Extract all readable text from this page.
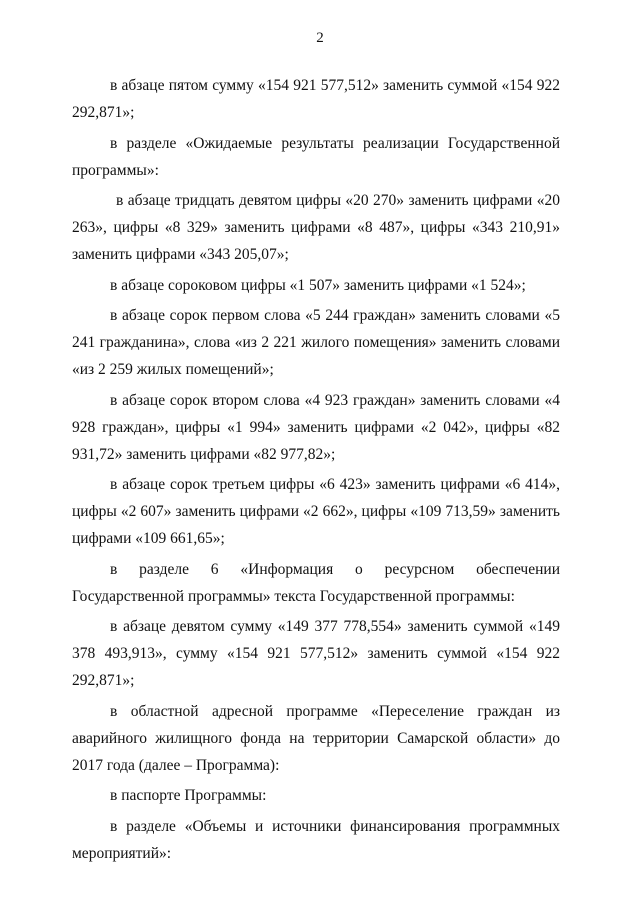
2

в абзаце пятом сумму «154 921 577,512» заменить суммой «154 922 292,871»;

в разделе «Ожидаемые результаты реализации Государственной программы»:

в абзаце тридцать девятом цифры «20 270» заменить цифрами «20 263», цифры «8 329» заменить цифрами «8 487», цифры «343 210,91» заменить цифрами «343 205,07»;

в абзаце сороковом цифры «1 507» заменить цифрами «1 524»;

в абзаце сорок первом слова «5 244 граждан» заменить словами «5 241 гражданина», слова «из 2 221 жилого помещения» заменить словами «из 2 259 жилых помещений»;

в абзаце сорок втором слова «4 923 граждан» заменить словами «4 928 граждан», цифры «1 994» заменить цифрами «2 042», цифры «82 931,72» заменить цифрами «82 977,82»;

в абзаце сорок третьем цифры «6 423» заменить цифрами «6 414», цифры «2 607» заменить цифрами «2 662», цифры «109 713,59» заменить цифрами «109 661,65»;

в разделе 6 «Информация о ресурсном обеспечении Государственной программы» текста Государственной программы:

в абзаце девятом сумму «149 377 778,554» заменить суммой «149 378 493,913», сумму «154 921 577,512» заменить суммой «154 922 292,871»;

в областной адресной программе «Переселение граждан из аварийного жилищного фонда на территории Самарской области» до 2017 года (далее – Программа):

в паспорте Программы:

в разделе «Объемы и источники финансирования программных мероприятий»:
